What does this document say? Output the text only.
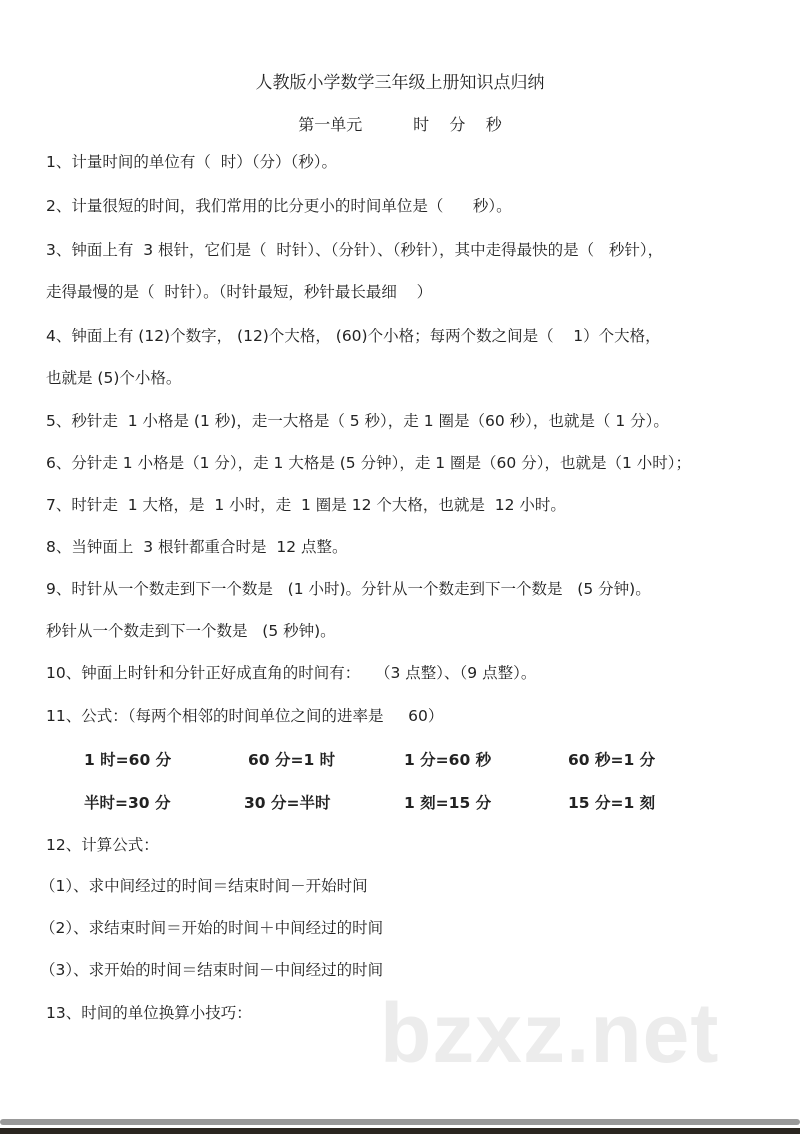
人教版小学数学三年级上册知识点归纳
第一单元          时    分    秒
1、计量时间的单位有（  时）（分）（秒）。
2、计量很短的时间，我们常用的比分更小的时间单位是（      秒）。
3、钟面上有  3 根针，它们是（  时针）、（分针）、（秒针），其中走得最快的是（   秒针），
走得最慢的是（  时针）。（时针最短，秒针最长最细    ）
4、钟面上有 (12)个数字， (12)个大格， (60)个小格；每两个数之间是（    1）个大格，
也就是 (5)个小格。
5、秒针走  1 小格是 (1 秒)，走一大格是（ 5 秒），走 1 圈是（60 秒），也就是（ 1 分）。
6、分针走 1 小格是（1 分），走 1 大格是 (5 分钟），走 1 圈是（60 分），也就是（1 小时）；
7、时针走  1 大格，是  1 小时，走  1 圈是 12 个大格，也就是  12 小时。
8、当钟面上  3 根针都重合时是  12 点整。
9、时针从一个数走到下一个数是   (1 小时)。分针从一个数走到下一个数是   (5 分钟)。
秒针从一个数走到下一个数是   (5 秒钟)。
10、钟面上时针和分针正好成直角的时间有：   （3 点整）、（9 点整）。
11、公式：（每两个相邻的时间单位之间的进率是     60）
1 时=60 分	60 分=1 时	1 分=60 秒	60 秒=1 分
半时=30 分	30 分=半时	1 刻=15 分	15 分=1 刻
12、计算公式：
（1）、求中间经过的时间＝结束时间－开始时间
（2）、求结束时间＝开始的时间＋中间经过的时间
（3）、求开始的时间＝结束时间－中间经过的时间
13、时间的单位换算小技巧： bzxz.net
